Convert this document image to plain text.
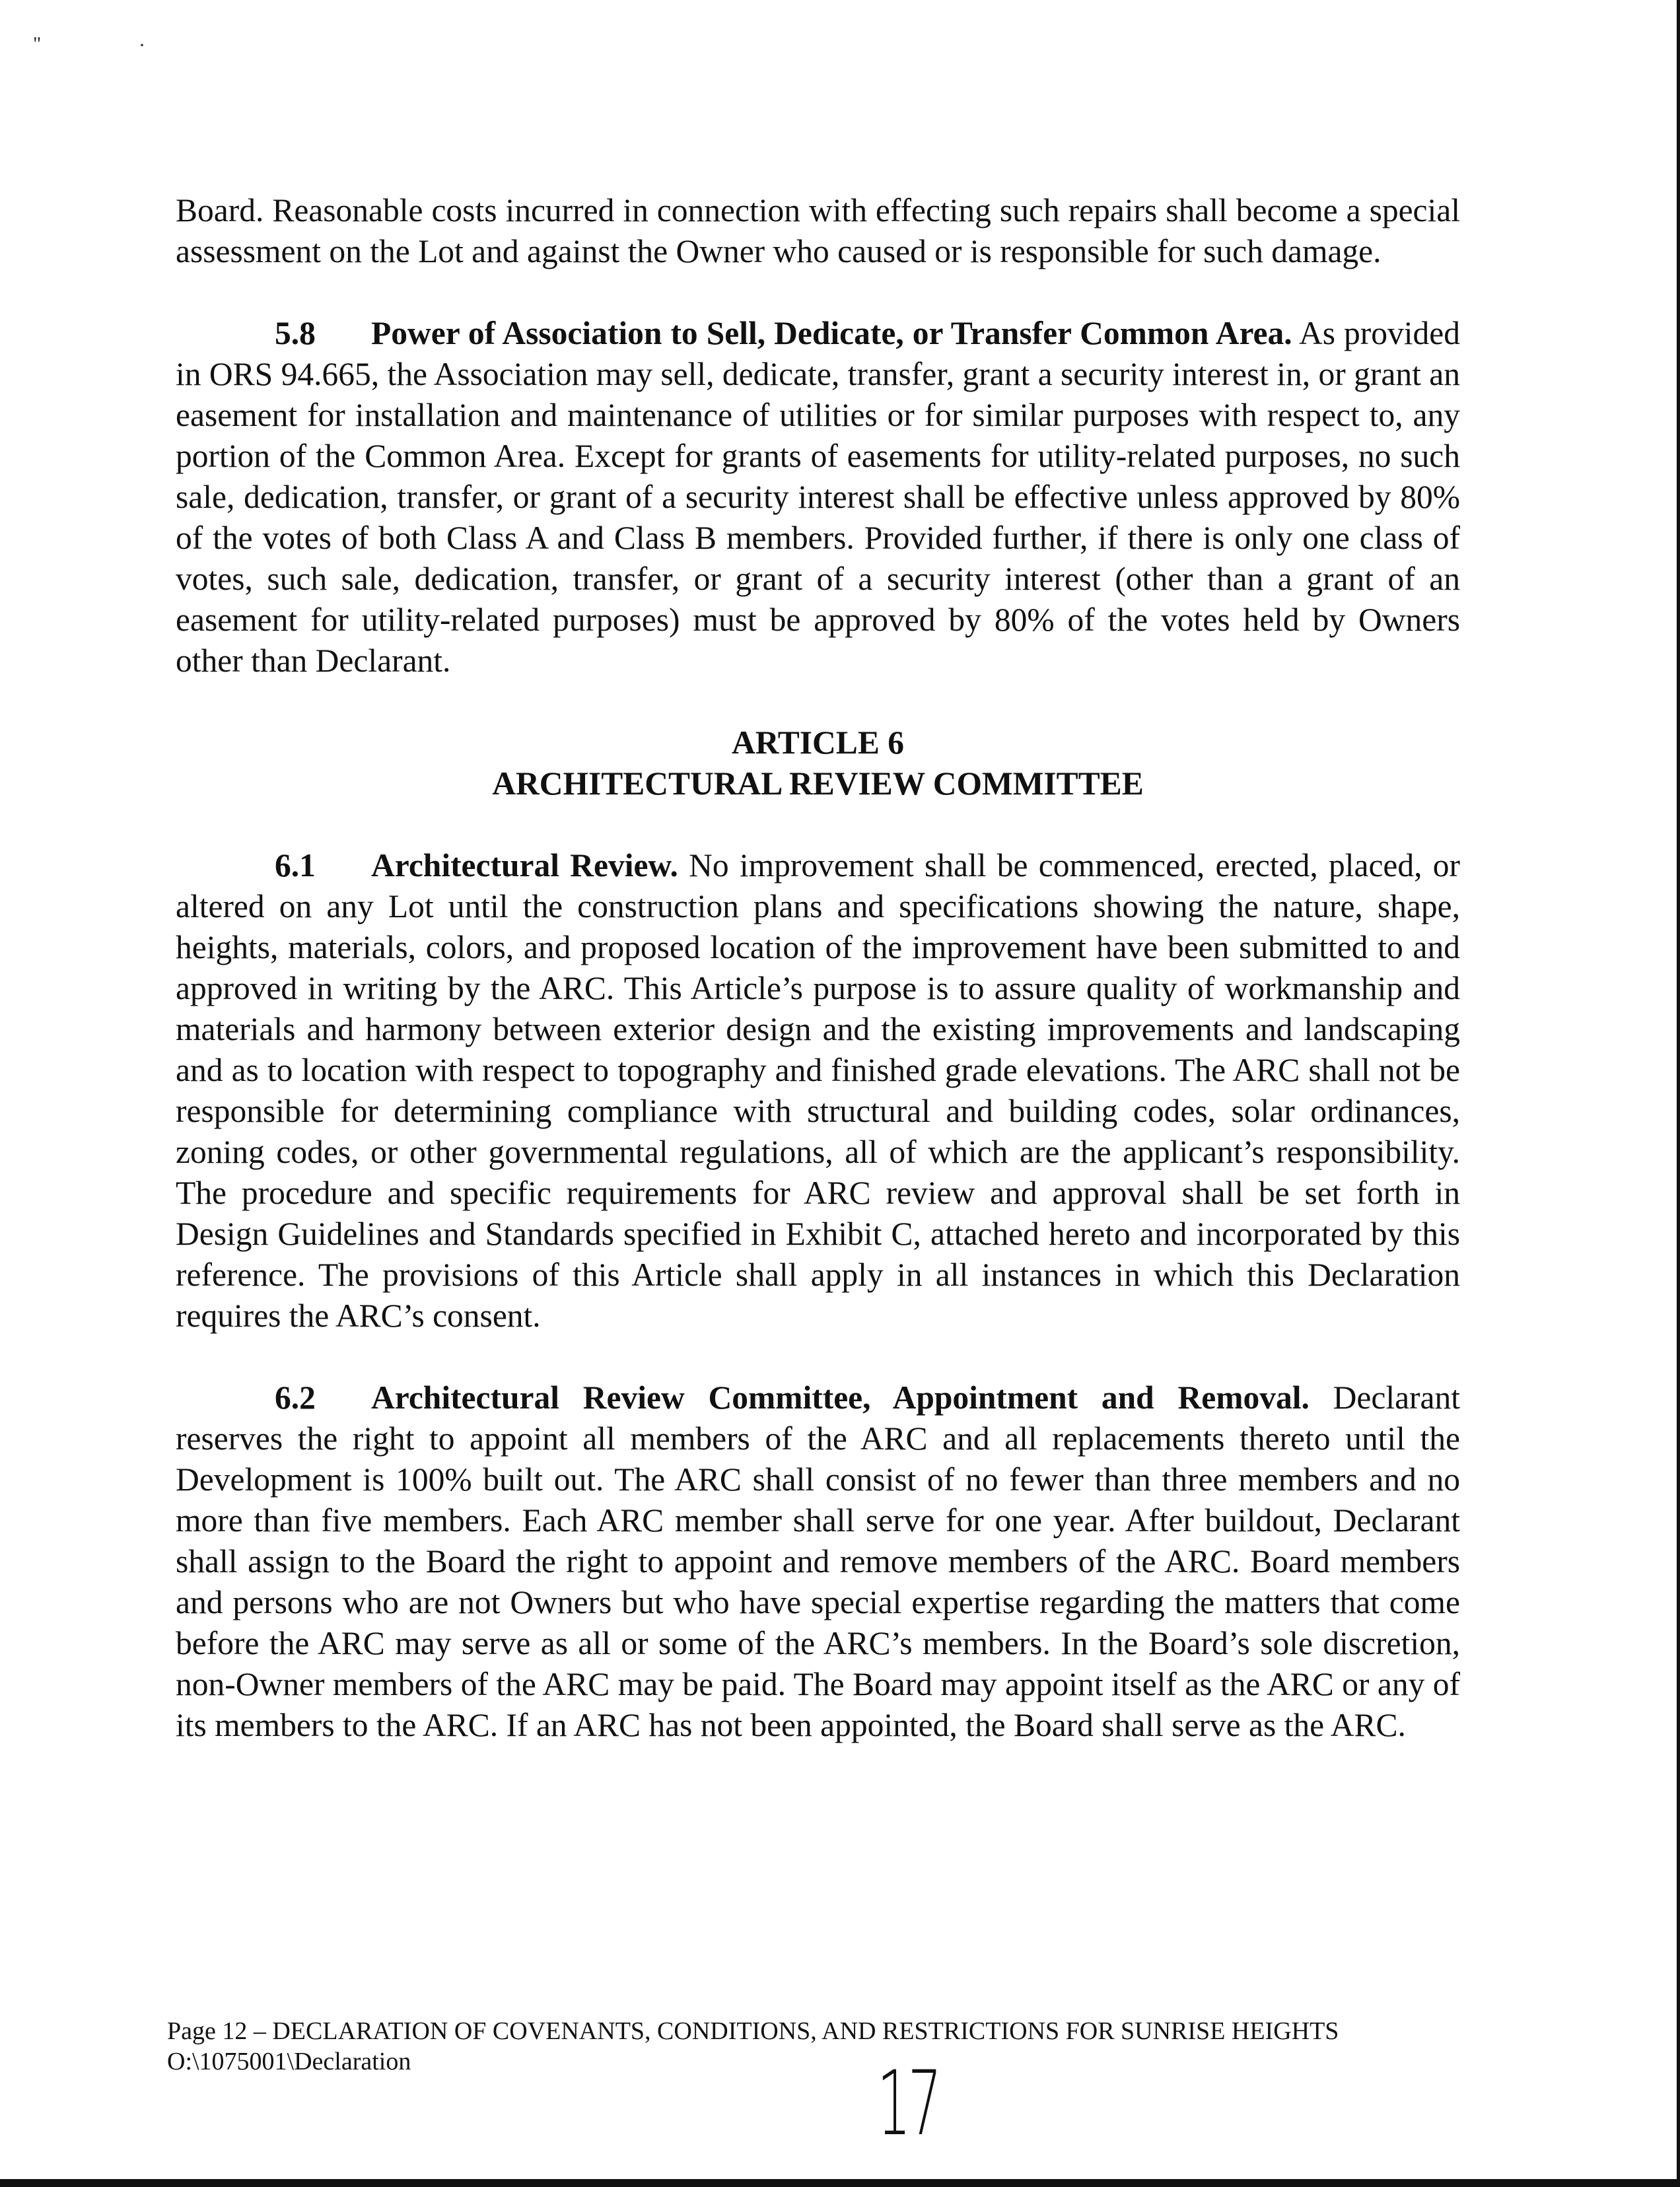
"	·

Board. Reasonable costs incurred in connection with effecting such repairs shall become a special assessment on the Lot and against the Owner who caused or is responsible for such damage.

5.8 Power of Association to Sell, Dedicate, or Transfer Common Area. As provided in ORS 94.665, the Association may sell, dedicate, transfer, grant a security interest in, or grant an easement for installation and maintenance of utilities or for similar purposes with respect to, any portion of the Common Area. Except for grants of easements for utility-related purposes, no such sale, dedication, transfer, or grant of a security interest shall be effective unless approved by 80% of the votes of both Class A and Class B members. Provided further, if there is only one class of votes, such sale, dedication, transfer, or grant of a security interest (other than a grant of an easement for utility-related purposes) must be approved by 80% of the votes held by Owners other than Declarant.

ARTICLE 6
ARCHITECTURAL REVIEW COMMITTEE

6.1 Architectural Review. No improvement shall be commenced, erected, placed, or altered on any Lot until the construction plans and specifications showing the nature, shape, heights, materials, colors, and proposed location of the improvement have been submitted to and approved in writing by the ARC. This Article’s purpose is to assure quality of workmanship and materials and harmony between exterior design and the existing improvements and landscaping and as to location with respect to topography and finished grade elevations. The ARC shall not be responsible for determining compliance with structural and building codes, solar ordinances, zoning codes, or other governmental regulations, all of which are the applicant’s responsibility. The procedure and specific requirements for ARC review and approval shall be set forth in Design Guidelines and Standards specified in Exhibit C, attached hereto and incorporated by this reference. The provisions of this Article shall apply in all instances in which this Declaration requires the ARC’s consent.

6.2 Architectural Review Committee, Appointment and Removal. Declarant reserves the right to appoint all members of the ARC and all replacements thereto until the Development is 100% built out. The ARC shall consist of no fewer than three members and no more than five members. Each ARC member shall serve for one year. After buildout, Declarant shall assign to the Board the right to appoint and remove members of the ARC. Board members and persons who are not Owners but who have special expertise regarding the matters that come before the ARC may serve as all or some of the ARC’s members. In the Board’s sole discretion, non-Owner members of the ARC may be paid. The Board may appoint itself as the ARC or any of its members to the ARC. If an ARC has not been appointed, the Board shall serve as the ARC.

Page 12 – DECLARATION OF COVENANTS, CONDITIONS, AND RESTRICTIONS FOR SUNRISE HEIGHTS
O:\1075001\Declaration	17
